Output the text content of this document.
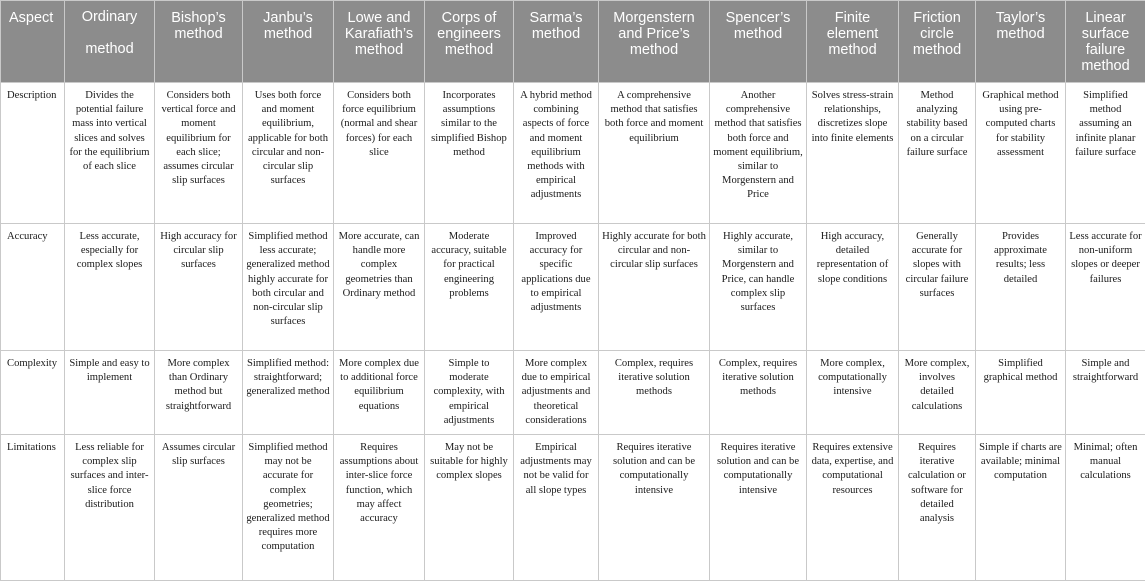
Aspect	Ordinary method	Bishop’s method	Janbu’s method	Lowe and Karafiath’s method	Corps of engineers method	Sarma’s method	Morgenstern and Price’s method	Spencer’s method	Finite element method	Friction circle method	Taylor’s method	Linear surface failure method
Description	Divides the potential failure mass into vertical slices and solves for the equilibrium of each slice	Considers both vertical force and moment equilibrium for each slice; assumes circular slip surfaces	Uses both force and moment equilibrium, applicable for both circular and non-circular slip surfaces	Considers both force equilibrium (normal and shear forces) for each slice	Incorporates assumptions similar to the simplified Bishop method	A hybrid method combining aspects of force and moment equilibrium methods with empirical adjustments	A comprehensive method that satisfies both force and moment equilibrium	Another comprehensive method that satisfies both force and moment equilibrium, similar to Morgenstern and Price	Solves stress-strain relationships, discretizes slope into finite elements	Method analyzing stability based on a circular failure surface	Graphical method using pre-computed charts for stability assessment	Simplified method assuming an infinite planar failure surface
Accuracy	Less accurate, especially for complex slopes	High accuracy for circular slip surfaces	Simplified method less accurate; generalized method highly accurate for both circular and non-circular slip surfaces	More accurate, can handle more complex geometries than Ordinary method	Moderate accuracy, suitable for practical engineering problems	Improved accuracy for specific applications due to empirical adjustments	Highly accurate for both circular and non-circular slip surfaces	Highly accurate, similar to Morgenstern and Price, can handle complex slip surfaces	High accuracy, detailed representation of slope conditions	Generally accurate for slopes with circular failure surfaces	Provides approximate results; less detailed	Less accurate for non-uniform slopes or deeper failures
Complexity	Simple and easy to implement	More complex than Ordinary method but straightforward	Simplified method: straightforward; generalized method	More complex due to additional force equilibrium equations	Simple to moderate complexity, with empirical adjustments	More complex due to empirical adjustments and theoretical considerations	Complex, requires iterative solution methods	Complex, requires iterative solution methods	More complex, computationally intensive	More complex, involves detailed calculations	Simplified graphical method	Simple and straightforward
Limitations	Less reliable for complex slip surfaces and inter-slice force distribution	Assumes circular slip surfaces	Simplified method may not be accurate for complex geometries; generalized method requires more computation	Requires assumptions about inter-slice force function, which may affect accuracy	May not be suitable for highly complex slopes	Empirical adjustments may not be valid for all slope types	Requires iterative solution and can be computationally intensive	Requires iterative solution and can be computationally intensive	Requires extensive data, expertise, and computational resources	Requires iterative calculation or software for detailed analysis	Simple if charts are available; minimal computation	Minimal; often manual calculations
